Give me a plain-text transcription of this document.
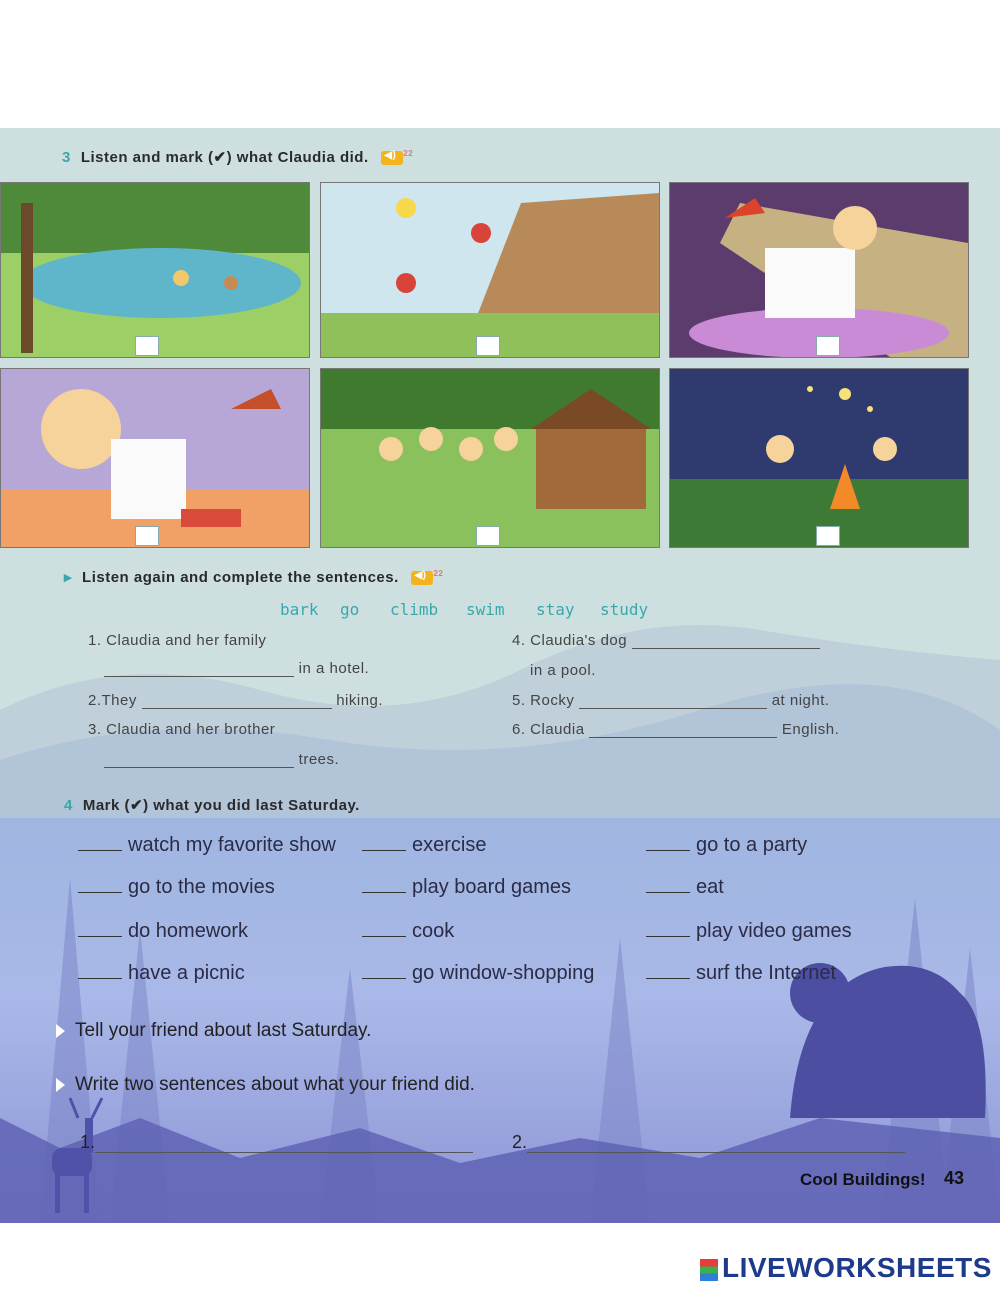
3 Listen and mark (✔) what Claudia did. ◀)	$^{22}$
▸ Listen again and complete the sentences. ◀)	$^{22}$
bark go climb swim stay study
1. Claudia and her family
in a hotel.
2.They	hiking.
3. Claudia and her brother
trees.
4. Claudia's dog
in a pool.
5. Rocky	at night.
6. Claudia	English.
4 Mark (✔) what you did last Saturday.
watch my favorite show	exercise	go to a party
go to the movies	play board games	eat
do homework	cook	play video games
have a picnic	go window-shopping	surf the Internet
Tell your friend about last Saturday.
Write two sentences about what your friend did.
1.	2.
Cool Buildings! 43
LIVEWORKSHEETS
